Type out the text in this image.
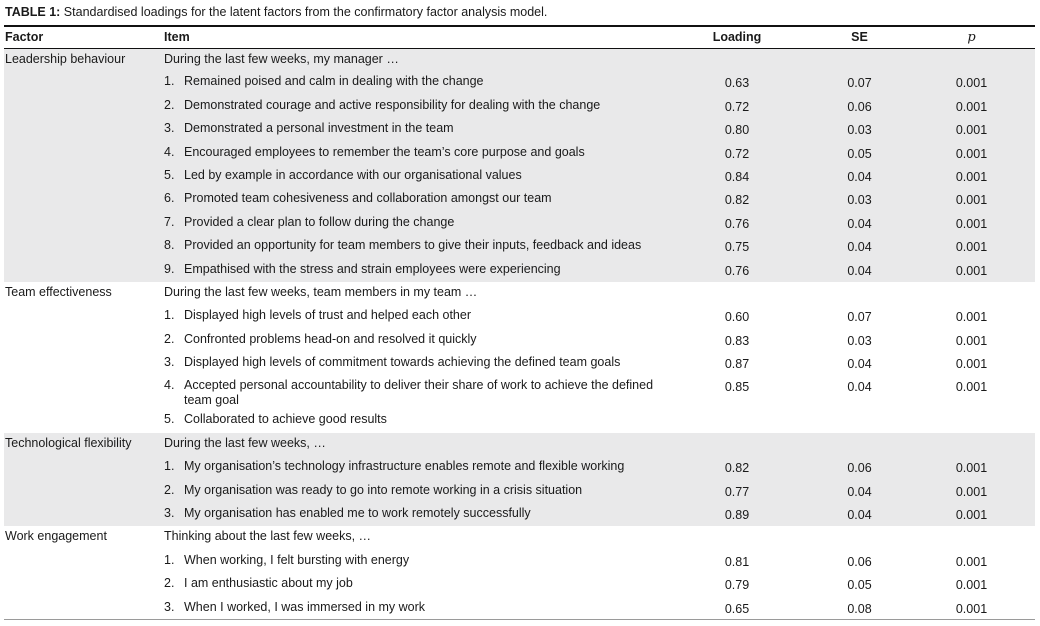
TABLE 1: Standardised loadings for the latent factors from the confirmatory factor analysis model.
Factor	Item	Loading	SE	p
Leadership behaviour	During the last few weeks, my manager …			

	1. Remained poised and calm in dealing with the change	0.63	0.07	0.001

	2. Demonstrated courage and active responsibility for dealing with the change	0.72	0.06	0.001

	3. Demonstrated a personal investment in the team	0.80	0.03	0.001

	4. Encouraged employees to remember the team’s core purpose and goals	0.72	0.05	0.001

	5. Led by example in accordance with our organisational values	0.84	0.04	0.001

	6. Promoted team cohesiveness and collaboration amongst our team	0.82	0.03	0.001

	7. Provided a clear plan to follow during the change	0.76	0.04	0.001

	8. Provided an opportunity for team members to give their inputs, feedback and ideas	0.75	0.04	0.001

	9. Empathised with the stress and strain employees were experiencing	0.76	0.04	0.001
Team effectiveness	During the last few weeks, team members in my team …			

	1. Displayed high levels of trust and helped each other	0.60	0.07	0.001

	2. Confronted problems head-on and resolved it quickly	0.83	0.03	0.001

	3. Displayed high levels of commitment towards achieving the defined team goals	0.87	0.04	0.001

	4. Accepted personal accountability to deliver their share of work to achieve the defined team goal	0.85	0.04	0.001

	5. Collaborated to achieve good results			

Technological flexibility	During the last few weeks, …			

	1. My organisation’s technology infrastructure enables remote and flexible working	0.82	0.06	0.001

	2. My organisation was ready to go into remote working in a crisis situation	0.77	0.04	0.001

	3. My organisation has enabled me to work remotely successfully	0.89	0.04	0.001
Work engagement	Thinking about the last few weeks, …			

	1. When working, I felt bursting with energy	0.81	0.06	0.001

	2. I am enthusiastic about my job	0.79	0.05	0.001

	3. When I worked, I was immersed in my work	0.65	0.08	0.001
